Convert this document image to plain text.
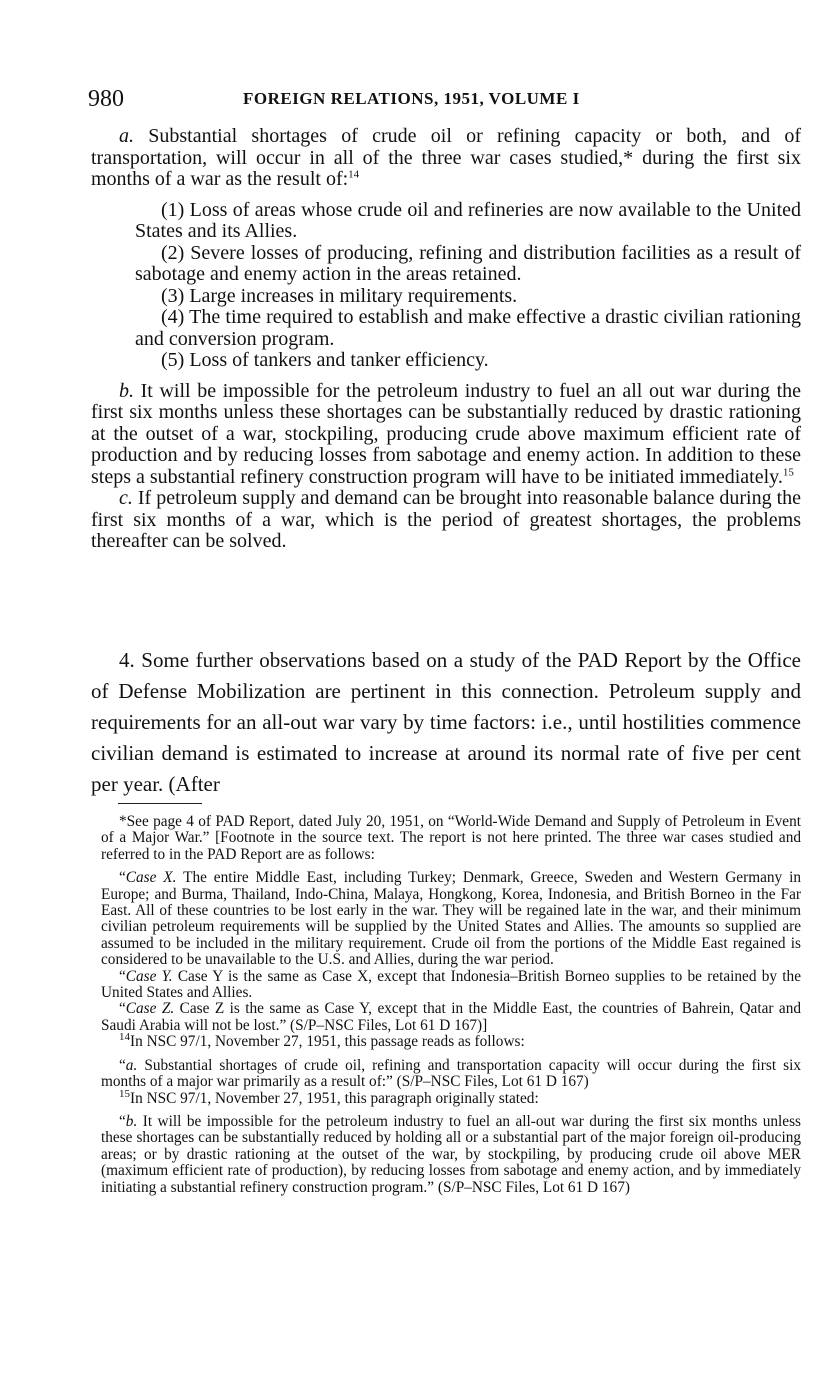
980	FOREIGN RELATIONS, 1951, VOLUME I

a. Substantial shortages of crude oil or refining capacity or both, and of transportation, will occur in all of the three war cases studied,* during the first six months of a war as the result of:$^{14}$

(1) Loss of areas whose crude oil and refineries are now available to the United States and its Allies.

(2) Severe losses of producing, refining and distribution facilities as a result of sabotage and enemy action in the areas retained.

(3) Large increases in military requirements.

(4) The time required to establish and make effective a drastic civilian rationing and conversion program.

(5) Loss of tankers and tanker efficiency.

b. It will be impossible for the petroleum industry to fuel an all out war during the first six months unless these shortages can be substantially reduced by drastic rationing at the outset of a war, stockpiling, producing crude above maximum efficient rate of production and by reducing losses from sabotage and enemy action. In addition to these steps a substantial refinery construction program will have to be initiated immediately.$^{15}$

c. If petroleum supply and demand can be brought into reasonable balance during the first six months of a war, which is the period of greatest shortages, the problems thereafter can be solved.

4. Some further observations based on a study of the PAD Report by the Office of Defense Mobilization are pertinent in this connection. Petroleum supply and requirements for an all-out war vary by time factors: i.e., until hostilities commence civilian demand is estimated to increase at around its normal rate of five per cent per year. (After

*See page 4 of PAD Report, dated July 20, 1951, on “World-Wide Demand and Supply of Petroleum in Event of a Major War.” [Footnote in the source text. The report is not here printed. The three war cases studied and referred to in the PAD Report are as follows:

“Case X. The entire Middle East, including Turkey; Denmark, Greece, Sweden and Western Germany in Europe; and Burma, Thailand, Indo-China, Malaya, Hongkong, Korea, Indonesia, and British Borneo in the Far East. All of these countries to be lost early in the war. They will be regained late in the war, and their minimum civilian petroleum requirements will be supplied by the United States and Allies. The amounts so supplied are assumed to be included in the military requirement. Crude oil from the portions of the Middle East regained is considered to be unavailable to the U.S. and Allies, during the war period.

“Case Y. Case Y is the same as Case X, except that Indonesia–British Borneo supplies to be retained by the United States and Allies.

“Case Z. Case Z is the same as Case Y, except that in the Middle East, the countries of Bahrein, Qatar and Saudi Arabia will not be lost.” (S/P–NSC Files, Lot 61 D 167)]

$^{14}$In NSC 97/1, November 27, 1951, this passage reads as follows:

“a. Substantial shortages of crude oil, refining and transportation capacity will occur during the first six months of a major war primarily as a result of:” (S/P–NSC Files, Lot 61 D 167)

$^{15}$In NSC 97/1, November 27, 1951, this paragraph originally stated:

“b. It will be impossible for the petroleum industry to fuel an all-out war during the first six months unless these shortages can be substantially reduced by holding all or a substantial part of the major foreign oil-producing areas; or by drastic rationing at the outset of the war, by stockpiling, by producing crude oil above MER (maximum efficient rate of production), by reducing losses from sabotage and enemy action, and by immediately initiating a substantial refinery construction program.” (S/P–NSC Files, Lot 61 D 167)
